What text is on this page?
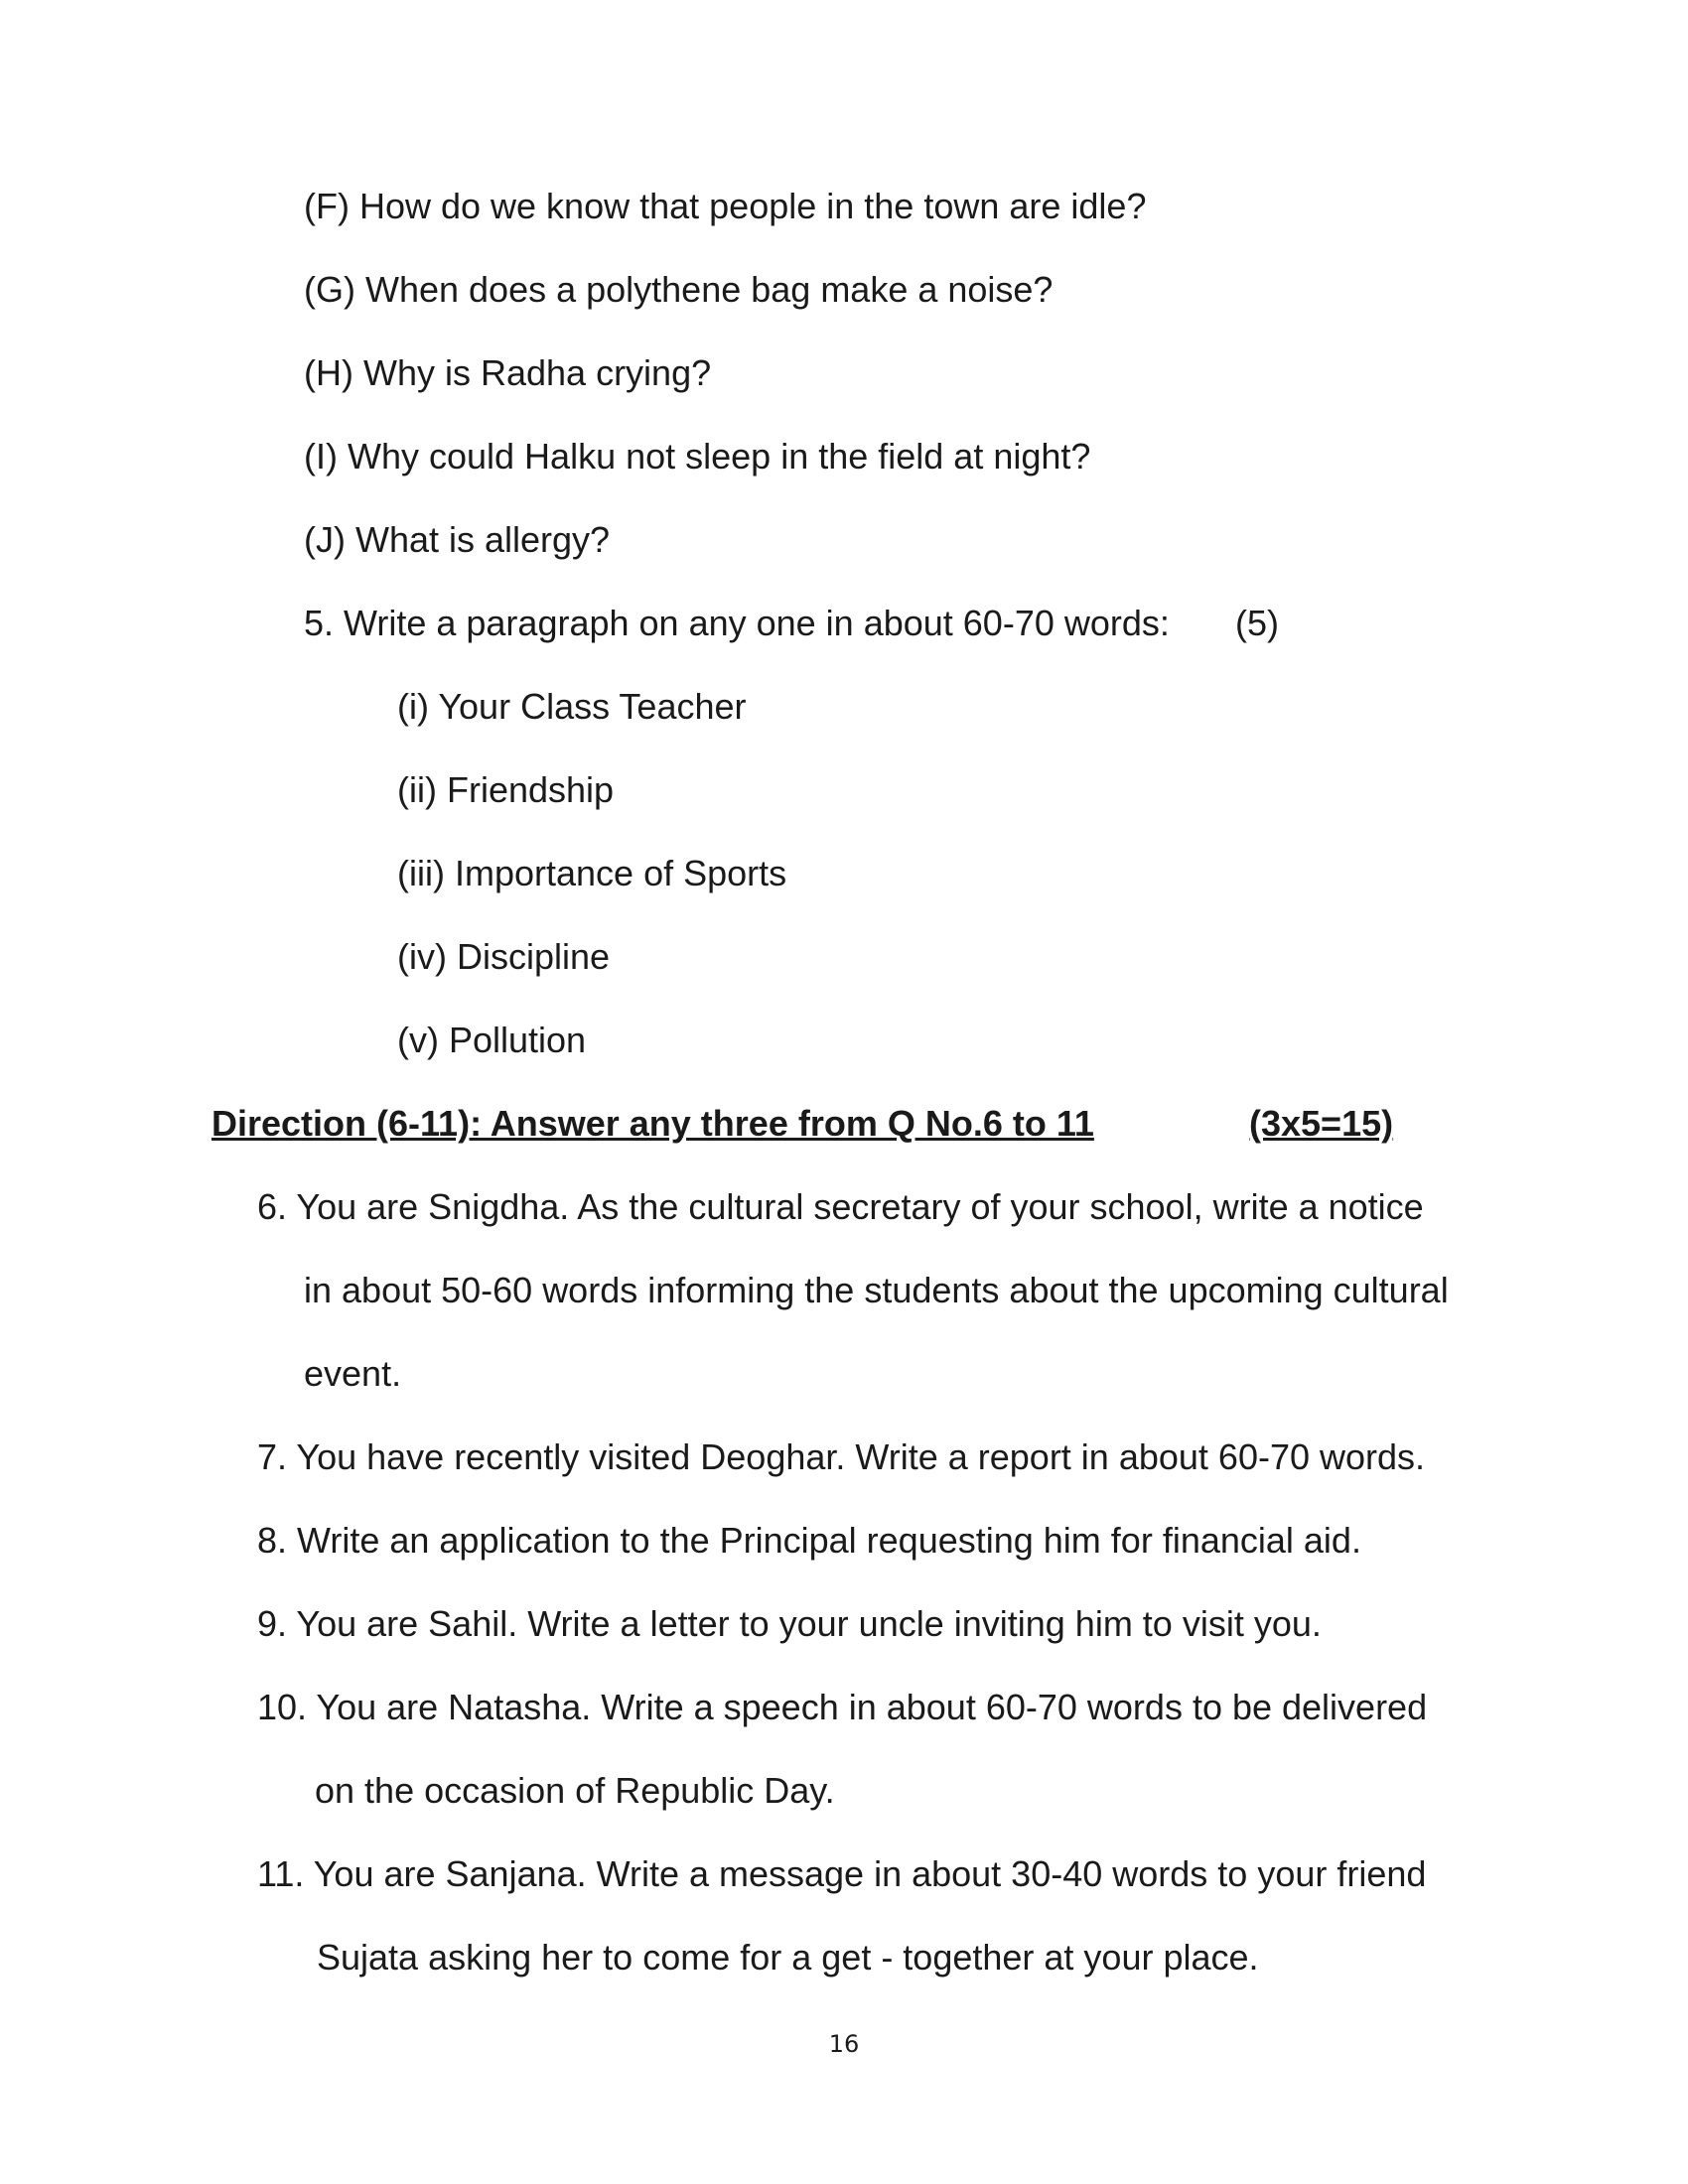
(F) How do we know that people in the town are idle?
(G) When does a polythene bag make a noise?
(H) Why is Radha crying?
(I) Why could Halku not sleep in the field at night?
(J) What is allergy?
5. Write a paragraph on any one in about 60-70 words: (5)
(i) Your Class Teacher
(ii) Friendship
(iii) Importance of Sports
(iv) Discipline
(v) Pollution
Direction (6-11): Answer any three from Q No.6 to 11	(3x5=15)
6. You are Snigdha. As the cultural secretary of your school, write a notice
in about 50-60 words informing the students about the upcoming cultural
event.
7. You have recently visited Deoghar. Write a report in about 60-70 words.
8. Write an application to the Principal requesting him for financial aid.
9. You are Sahil. Write a letter to your uncle inviting him to visit you.
10. You are Natasha. Write a speech in about 60-70 words to be delivered
on the occasion of Republic Day.
11. You are Sanjana. Write a message in about 30-40 words to your friend
Sujata asking her to come for a get - together at your place.
16
